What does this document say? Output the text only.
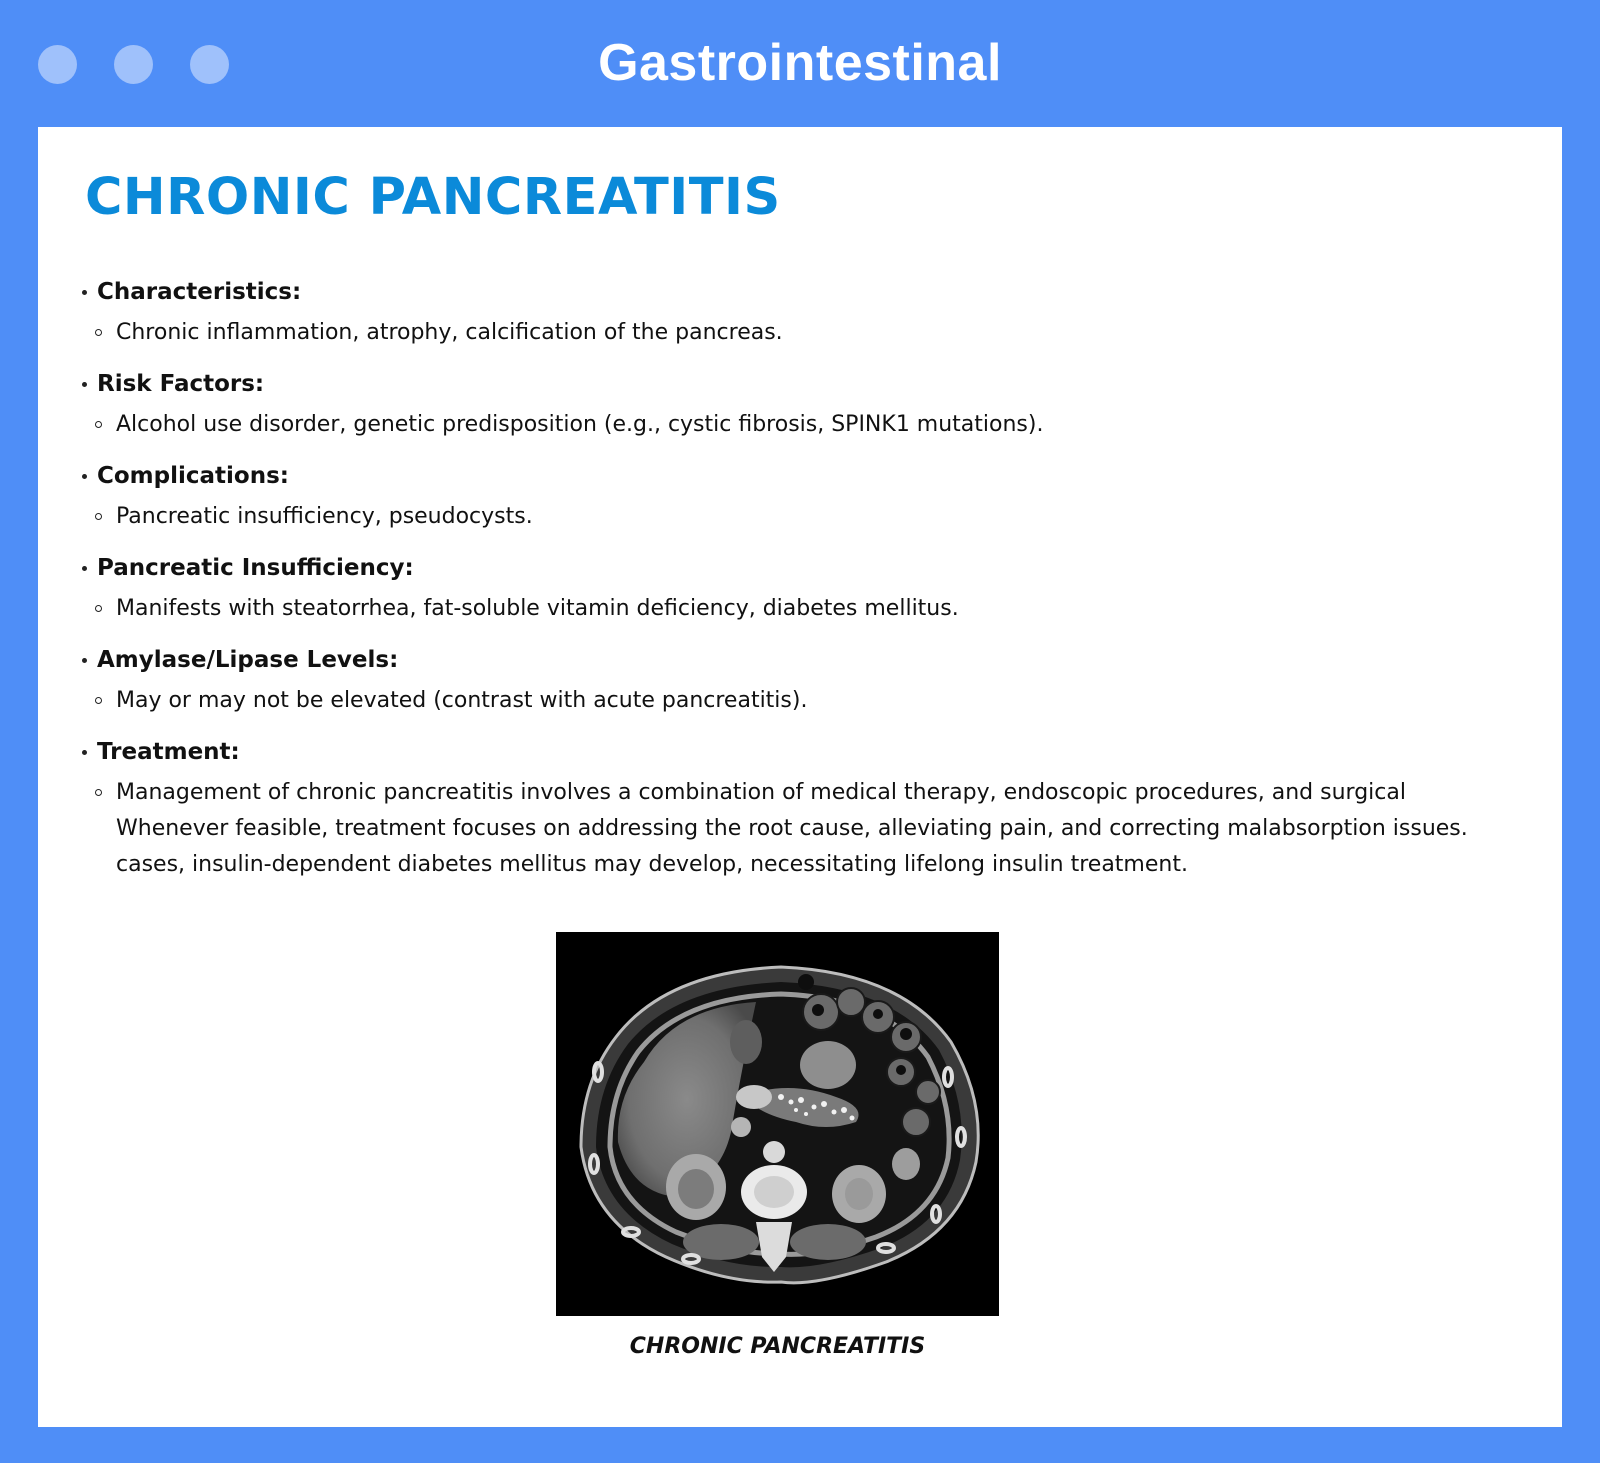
Gastrointestinal
CHRONIC PANCREATITIS
Characteristics:
Chronic inflammation, atrophy, calcification of the pancreas.
Risk Factors:
Alcohol use disorder, genetic predisposition (e.g., cystic fibrosis, SPINK1 mutations).
Complications:
Pancreatic insufficiency, pseudocysts.
Pancreatic Insufficiency:
Manifests with steatorrhea, fat-soluble vitamin deficiency, diabetes mellitus.
Amylase/Lipase Levels:
May or may not be elevated (contrast with acute pancreatitis).
Treatment:
Management of chronic pancreatitis involves a combination of medical therapy, endoscopic procedures, and surgical
Whenever feasible, treatment focuses on addressing the root cause, alleviating pain, and correcting malabsorption issues.
cases, insulin-dependent diabetes mellitus may develop, necessitating lifelong insulin treatment.
CHRONIC PANCREATITIS
